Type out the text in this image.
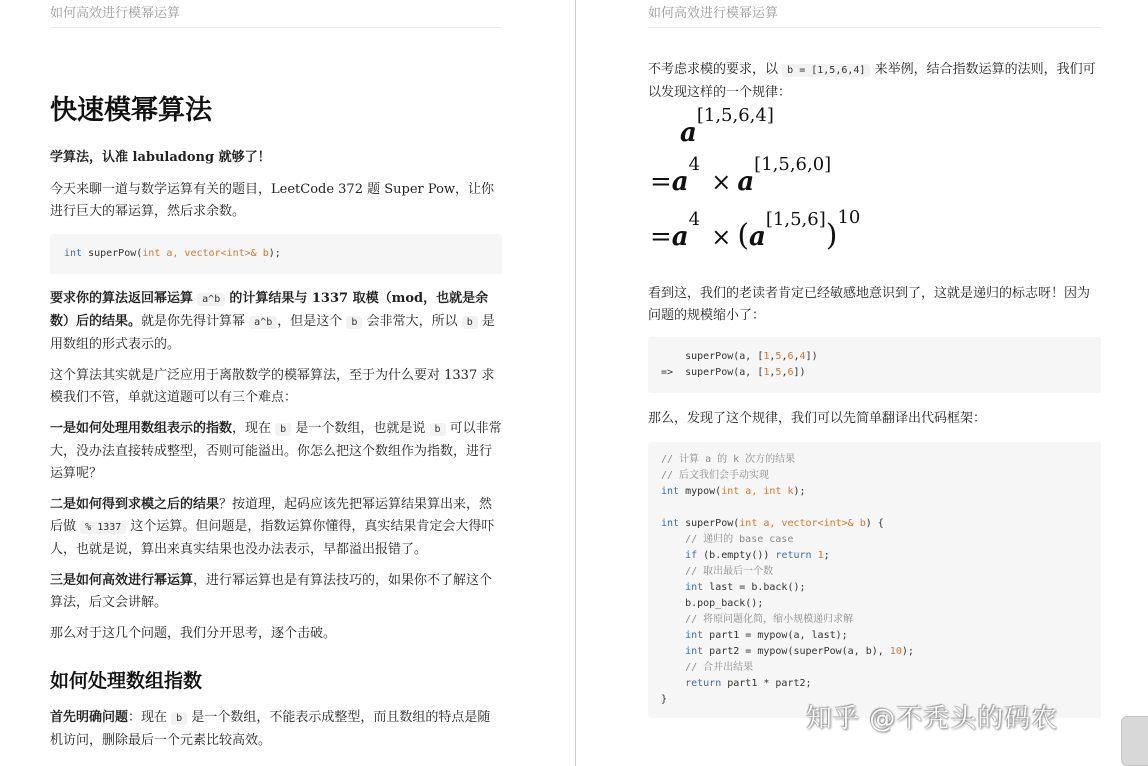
如何高效进行模幂运算
快速模幂算法

学算法，认准 labuladong 就够了！

今天来聊一道与数学运算有关的题目，LeetCode 372 题 Super Pow，让你进行巨大的幂运算，然后求余数。

int superPow(int a, vector<int>& b);

要求你的算法返回幂运算 a^b 的计算结果与 1337 取模（mod，也就是余数）后的结果。就是你先得计算幂 a^b ，但是这个 b 会非常大，所以 b 是用数组的形式表示的。

这个算法其实就是广泛应用于离散数学的模幂算法，至于为什么要对 1337 求模我们不管，单就这道题可以有三个难点：

一是如何处理用数组表示的指数，现在 b 是一个数组，也就是说 b 可以非常大，没办法直接转成整型，否则可能溢出。你怎么把这个数组作为指数，进行运算呢？

二是如何得到求模之后的结果？按道理，起码应该先把幂运算结果算出来，然后做 % 1337 这个运算。但问题是，指数运算你懂得，真实结果肯定会大得吓人，也就是说，算出来真实结果也没办法表示，早都溢出报错了。

三是如何高效进行幂运算，进行幂运算也是有算法技巧的，如果你不了解这个算法，后文会讲解。

那么对于这几个问题，我们分开思考，逐个击破。

如何处理数组指数

首先明确问题：现在 b 是一个数组，不能表示成整型，而且数组的特点是随机访问，删除最后一个元素比较高效。

如何高效进行模幂运算

不考虑求模的要求，以 b = [1,5,6,4] 来举例，结合指数运算的法则，我们可以发现这样的一个规律：

a[1,5,6,4]
$=a^4 \times a[1,5,6,0]$
$=a^4 \times (a[1,5,6])^{10}$

看到这，我们的老读者肯定已经敏感地意识到了，这就是递归的标志呀！因为问题的规模缩小了：

superPow(a, [1,5,6,4])
=>  superPow(a, [1,5,6])

那么，发现了这个规律，我们可以先简单翻译出代码框架：

// 计算 a 的 k 次方的结果
// 后文我们会手动实现
int mypow(int a, int k);

int superPow(int a, vector<int>& b) {
// 递归的 base case
if (b.empty()) return 1;
// 取出最后一个数
int last = b.back();
b.pop_back();
// 将原问题化简，缩小规模递归求解
int part1 = mypow(a, last);
int part2 = mypow(superPow(a, b), 10);
// 合并出结果
return part1 * part2;
}
知乎 @不秃头的码农
